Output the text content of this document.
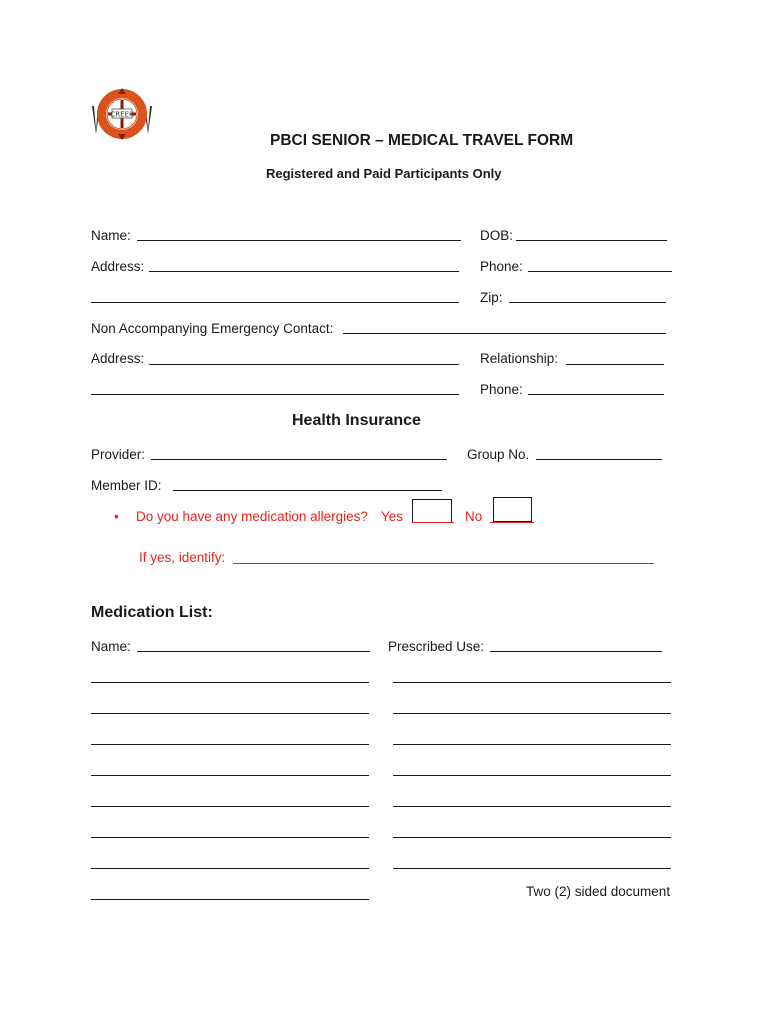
CREEK
PBCI SENIOR – MEDICAL TRAVEL FORM
Registered and Paid Participants Only
Name:	DOB:
Address:	Phone:
Zip:
Non Accompanying Emergency Contact:
Address:	Relationship:
Phone:
Health Insurance
Provider:	Group No.
Member ID:
• Do you have any medication allergies? Yes	No
If yes, identify:
Medication List:
Name:	Prescribed Use:
Two (2) sided document
